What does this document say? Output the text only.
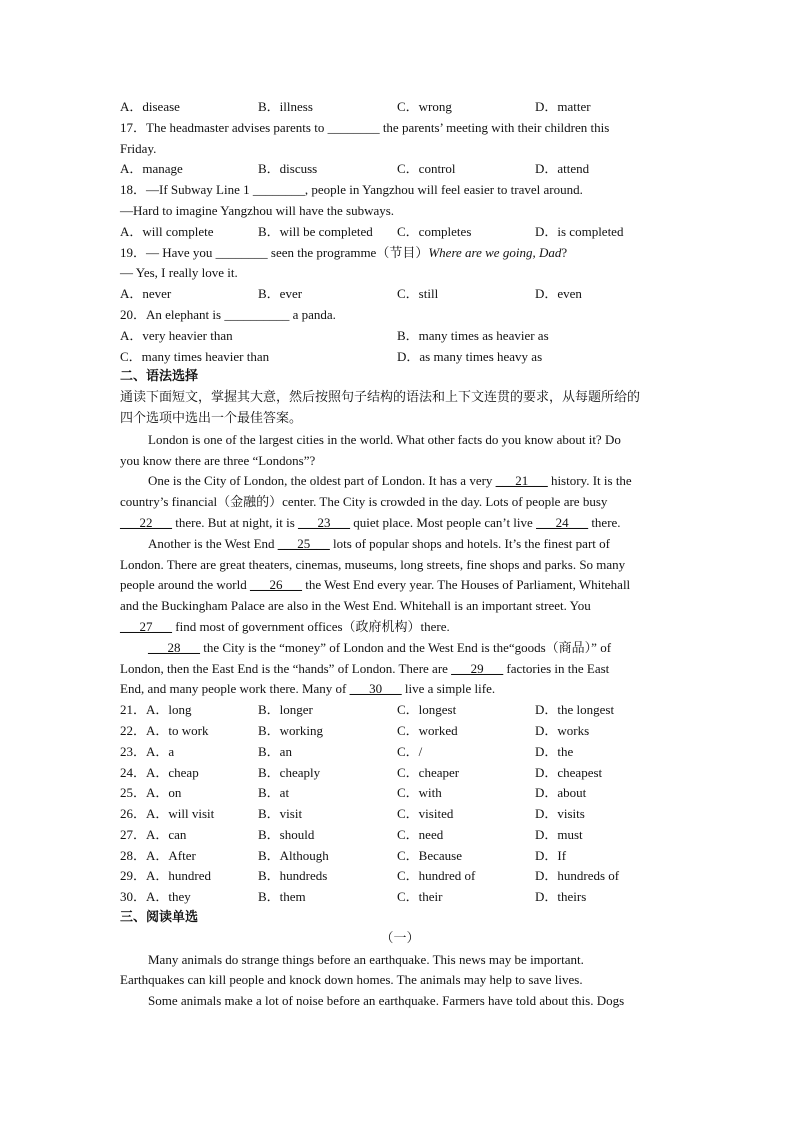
A．disease	B．illness	C．wrong	D．matter
17．The headmaster advises parents to ________ the parents’ meeting with their children this
Friday.
A．manage	B．discuss	C．control	D．attend
18．—If Subway Line 1 ________, people in Yangzhou will feel easier to travel around.
—Hard to imagine Yangzhou will have the subways.
A．will complete	B．will be completed C．completes	D．is completed
19．— Have you ________ seen the programme（节目）Where are we going, Dad?
— Yes, I really love it.
A．never	B．ever	C．still	D．even
20．An elephant is __________ a panda.
A．very heavier than	B．many times as heavier as
C．many times heavier than	D．as many times heavy as
二、语法选择
通读下面短文，掌握其大意，然后按照句子结构的语法和上下文连贯的要求，从每题所给的
四个选项中选出一个最佳答案。
London is one of the largest cities in the world. What other facts do you know about it? Do
you know there are three “Londons”?
One is the City of London, the oldest part of London. It has a very ___21___ history. It is the
country’s financial（金融的）center. The City is crowded in the day. Lots of people are busy
___22___ there. But at night, it is ___23___ quiet place. Most people can’t live ___24___ there.
Another is the West End ___25___ lots of popular shops and hotels. It’s the finest part of
London. There are great theaters, cinemas, museums, long streets, fine shops and parks. So many
people around the world ___26___ the West End every year. The Houses of Parliament, Whitehall
and the Buckingham Palace are also in the West End. Whitehall is an important street. You
___27___ find most of government offices（政府机构）there.
___28___ the City is the “money” of London and the West End is the“goods（商品）” of
London, then the East End is the “hands” of London. There are ___29___ factories in the East
End, and many people work there. Many of ___30___ live a simple life.
21．A．long	B．longer	C．longest	D．the longest
22．A．to work	B．working	C．worked	D．works
23．A．a	B．an	C．/	D．the
24．A．cheap	B．cheaply	C．cheaper	D．cheapest
25．A．on	B．at	C．with	D．about
26．A．will visit	B．visit	C．visited	D．visits
27．A．can	B．should	C．need	D．must
28．A．After	B．Although	C．Because	D．If
29．A．hundred	B．hundreds	C．hundred of	D．hundreds of
30．A．they	B．them	C．their	D．theirs
三、阅读单选
（一）
Many animals do strange things before an earthquake. This news may be important.
Earthquakes can kill people and knock down homes. The animals may help to save lives.
Some animals make a lot of noise before an earthquake. Farmers have told about this. Dogs
